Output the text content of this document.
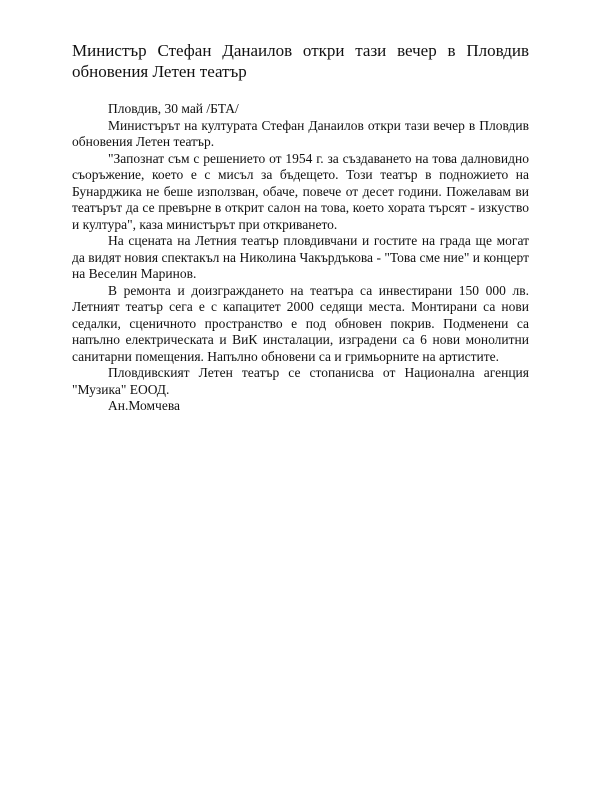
Министър Стефан Данаилов откри тази вечер в Пловдив обновения Летен театър

Пловдив, 30 май /БТА/

Министърът на културата Стефан Данаилов откри тази вечер в Пловдив обновения Летен театър.

"Запознат съм с решението от 1954 г. за създаването на това далновидно съоръжение, което е с мисъл за бъдещето. Този театър в подножието на Бунарджика не беше използван, обаче, повече от десет години. Пожелавам ви театърът да се превърне в открит салон на това, което хората търсят - изкуство и култура", каза министърът при откриването.

На сцената на Летния театър пловдивчани и гостите на града ще могат да видят новия спектакъл на Николина Чакърдъкова - "Това сме ние" и концерт на Веселин Маринов.

В ремонта и доизграждането на театъра са инвестирани 150 000 лв. Летният театър сега е с капацитет 2000 седящи места. Монтирани са нови седалки, сценичното пространство е под обновен покрив. Подменени са напълно електрическата и ВиК инсталации, изградени са 6 нови монолитни санитарни помещения. Напълно обновени са и гримьорните на артистите.

Пловдивският Летен театър се стопанисва от Национална агенция "Музика" ЕООД.

Ан.Момчева
